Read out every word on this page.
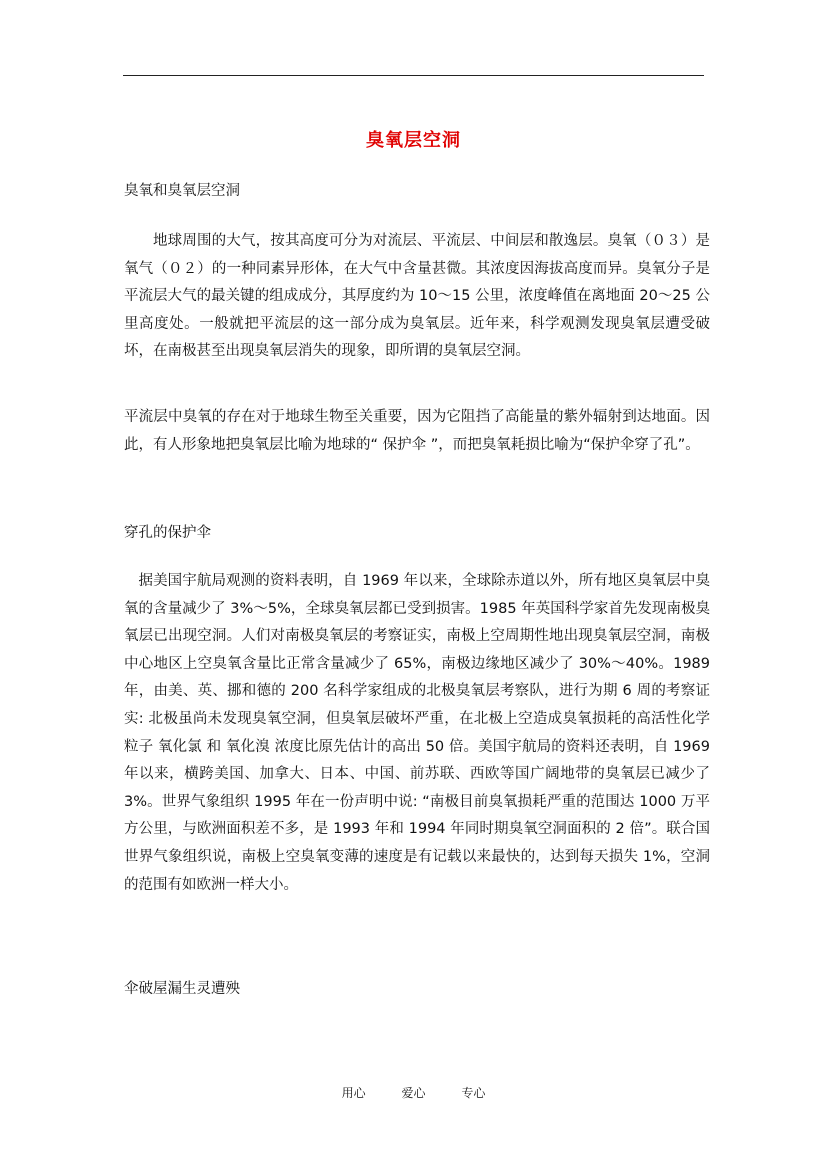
臭氧层空洞
臭氧和臭氧层空洞

地球周围的大气，按其高度可分为对流层、平流层、中间层和散逸层。臭氧（０３）是氧气（０２）的一种同素异形体，在大气中含量甚微。其浓度因海拔高度而异。臭氧分子是平流层大气的最关键的组成成分，其厚度约为 10～15 公里，浓度峰值在离地面 20～25 公里高度处。一般就把平流层的这一部分成为臭氧层。近年来，科学观测发现臭氧层遭受破坏，在南极甚至出现臭氧层消失的现象，即所谓的臭氧层空洞。

平流层中臭氧的存在对于地球生物至关重要，因为它阻挡了高能量的紫外辐射到达地面。因此，有人形象地把臭氧层比喻为地球的“ 保护伞 ”，而把臭氧耗损比喻为“保护伞穿了孔”。

穿孔的保护伞

据美国宇航局观测的资料表明，自 1969 年以来，全球除赤道以外，所有地区臭氧层中臭氧的含量减少了 3%～5%，全球臭氧层都已受到损害。1985 年英国科学家首先发现南极臭氧层已出现空洞。人们对南极臭氧层的考察证实，南极上空周期性地出现臭氧层空洞，南极中心地区上空臭氧含量比正常含量减少了 65%，南极边缘地区减少了 30%～40%。1989 年，由美、英、挪和德的 200 名科学家组成的北极臭氧层考察队，进行为期 6 周的考察证实: 北极虽尚未发现臭氧空洞，但臭氧层破坏严重，在北极上空造成臭氧损耗的高活性化学粒子 氧化氯 和 氧化溴 浓度比原先估计的高出 50 倍。美国宇航局的资料还表明，自 1969 年以来，横跨美国、加拿大、日本、中国、前苏联、西欧等国广阔地带的臭氧层已减少了 3%。世界气象组织 1995 年在一份声明中说: “南极目前臭氧损耗严重的范围达 1000 万平方公里，与欧洲面积差不多，是 1993 年和 1994 年同时期臭氧空洞面积的 2 倍”。联合国世界气象组织说，南极上空臭氧变薄的速度是有记载以来最快的，达到每天损失 1%，空洞的范围有如欧洲一样大小。

伞破屋漏生灵遭殃
用心	爱心	专心
